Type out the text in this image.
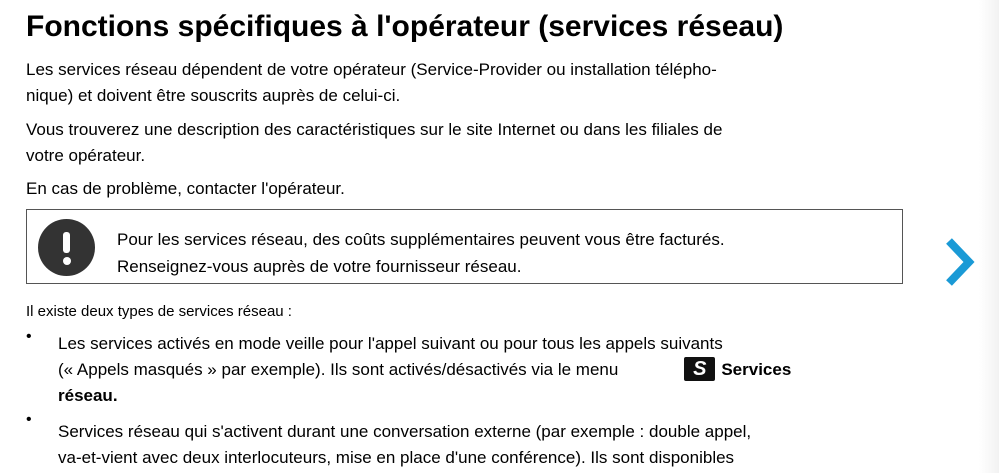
Fonctions spécifiques à l'opérateur (services réseau)

Les services réseau dépendent de votre opérateur (Service-Provider ou installation télépho-
nique) et doivent être souscrits auprès de celui-ci.

Vous trouverez une description des caractéristiques sur le site Internet ou dans les filiales de
votre opérateur.

En cas de problème, contacter l'opérateur.

Pour les services réseau, des coûts supplémentaires peuvent vous être facturés.
Renseignez-vous auprès de votre fournisseur réseau.

Il existe deux types de services réseau :

• Les services activés en mode veille pour l'appel suivant ou pour tous les appels suivants
(« Appels masqués » par exemple). Ils sont activés/désactivés via le menu	S Services
réseau.

•

Services réseau qui s'activent durant une conversation externe (par exemple : double appel,
va-et-vient avec deux interlocuteurs, mise en place d'une conférence). Ils sont disponibles
